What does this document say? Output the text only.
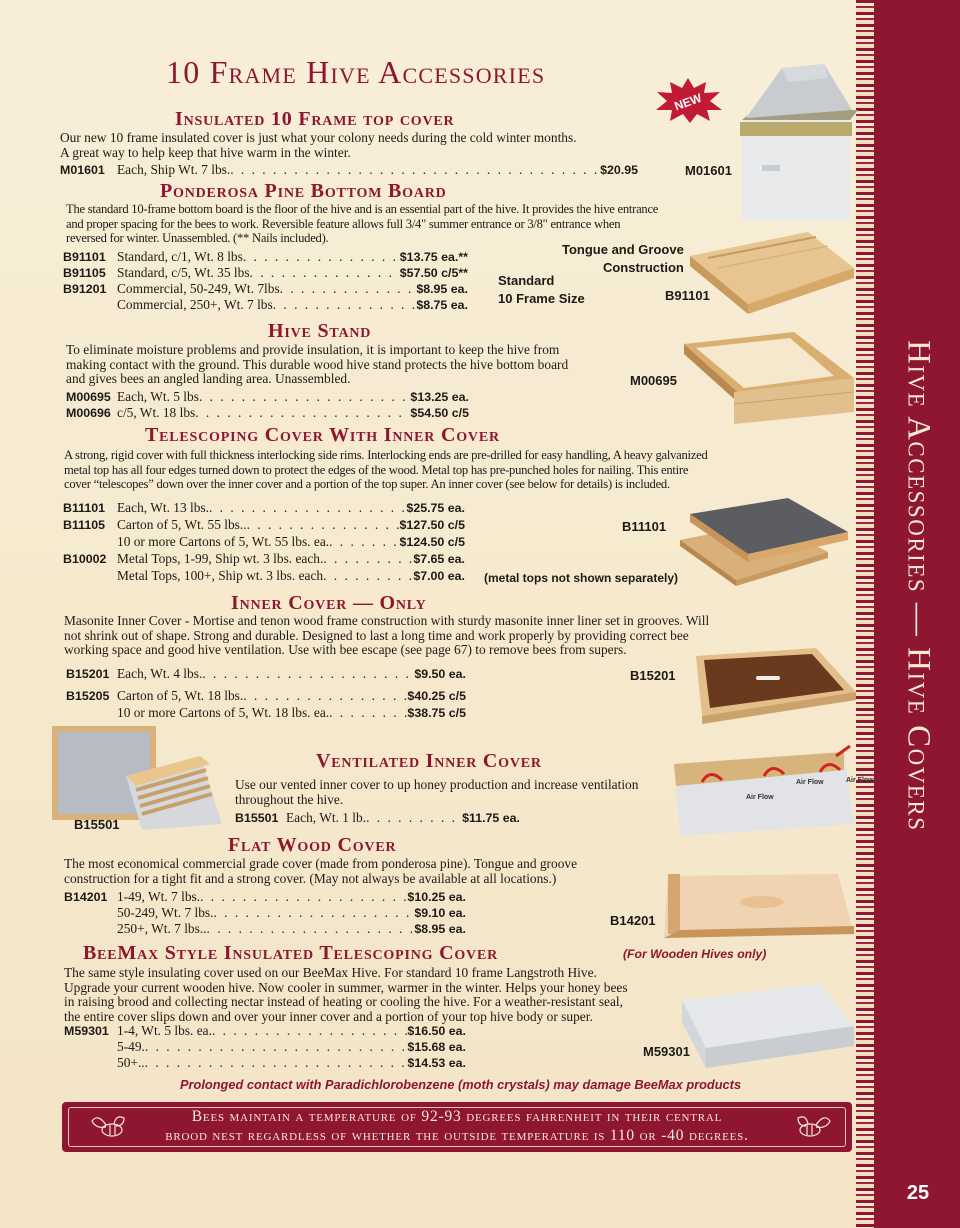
Hive Accessories — Hive Covers
25
10 Frame Hive Accessories
NEW
M01601
Insulated 10 Frame top cover
Our new 10 frame insulated cover is just what your colony needs during the cold winter months.
A great way to help keep that hive warm in the winter.
M01601 Each, Ship Wt. 7 lbs. . . .	$20.95
Ponderosa Pine Bottom Board
The standard 10-frame bottom board is the floor of the hive and is an essential part of the hive. It provides the hive entrance
and proper spacing for the bees to work. Reversible feature allows full 3/4" summer entrance or 3/8" entrance when
reversed for winter. Unassembled. (** Nails included).
B91101 Standard, c/1, Wt. 8 lbs . . .	$13.75 ea.**
B91105 Standard, c/5, Wt. 35 lbs . . .	$57.50 c/5**
B91201 Commercial, 50-249, Wt. 7lbs . . .	$8.95 ea.
Commercial, 250+, Wt. 7 lbs . . .	$8.75 ea.
Standard
10 Frame Size
Tongue and Groove
Construction
B91101
Hive Stand
To eliminate moisture problems and provide insulation, it is important to keep the hive from
making contact with the ground. This durable wood hive stand protects the hive bottom board
and gives bees an angled landing area. Unassembled.
M00695 Each, Wt. 5 lbs . . .	$13.25 ea.
M00696 c/5, Wt. 18 lbs . . .	$54.50 c/5
M00695
Telescoping Cover With Inner Cover
A strong, rigid cover with full thickness interlocking side rims. Interlocking ends are pre-drilled for easy handling, A heavy galvanized
metal top has all four edges turned down to protect the edges of the wood. Metal top has pre-punched holes for nailing. This entire
cover “telescopes” down over the inner cover and a portion of the top super. An inner cover (see below for details) is included.
B11101 Each, Wt. 13 lbs. . . .	$25.75 ea.
B11105 Carton of 5, Wt. 55 lbs.. . . .	$127.50 c/5
10 or more Cartons of 5, Wt. 55 lbs. ea. . . .	$124.50 c/5
B10002 Metal Tops, 1-99, Ship wt. 3 lbs. each. . . .	$7.65 ea.
Metal Tops, 100+, Ship wt. 3 lbs. each . . .	$7.00 ea.
B11101
(metal tops not shown separately)
Inner Cover — Only
Masonite Inner Cover - Mortise and tenon wood frame construction with sturdy masonite inner liner set in grooves. Will
not shrink out of shape. Strong and durable. Designed to last a long time and work properly by providing correct bee
working space and good hive ventilation. Use with bee escape (see page 67) to remove bees from supers.
B15201 Each, Wt. 4 lbs. . . .	$9.50 ea.
B15205 Carton of 5, Wt. 18 lbs. . . .	$40.25 c/5
10 or more Cartons of 5, Wt. 18 lbs. ea. . . .	$38.75 c/5
B15201
B15501
Air Flow
Air Flow	Air Flow
Ventilated Inner Cover
Use our vented inner cover to up honey production and increase ventilation
throughout the hive.
B15501 Each, Wt. 1 lb. . . .	$11.75 ea.
Flat Wood Cover
The most economical commercial grade cover (made from ponderosa pine). Tongue and groove
construction for a tight fit and a strong cover. (May not always be available at all locations.)
B14201 1-49, Wt. 7 lbs. . . .	$10.25 ea.
50-249, Wt. 7 lbs. . . .	$9.10 ea.
250+, Wt. 7 lbs.. . . .	$8.95 ea.
B14201
BeeMax Style Insulated Telescoping Cover	(For Wooden Hives only)
The same style insulating cover used on our BeeMax Hive. For standard 10 frame Langstroth Hive.
Upgrade your current wooden hive. Now cooler in summer, warmer in the winter. Helps your honey bees
in raising brood and collecting nectar instead of heating or cooling the hive. For a weather-resistant seal,
the entire cover slips down and over your inner cover and a portion of your top hive body or super.
M59301 1-4, Wt. 5 lbs. ea. . . .	$16.50 ea.
5-49. . . .	$15.68 ea.
50+.. . . .	$14.53 ea.
M59301
Prolonged contact with Paradichlorobenzene (moth crystals) may damage BeeMax products
Bees maintain a temperature of 92-93 degrees fahrenheit in their central
brood nest regardless of whether the outside temperature is 110 or -40 degrees.
